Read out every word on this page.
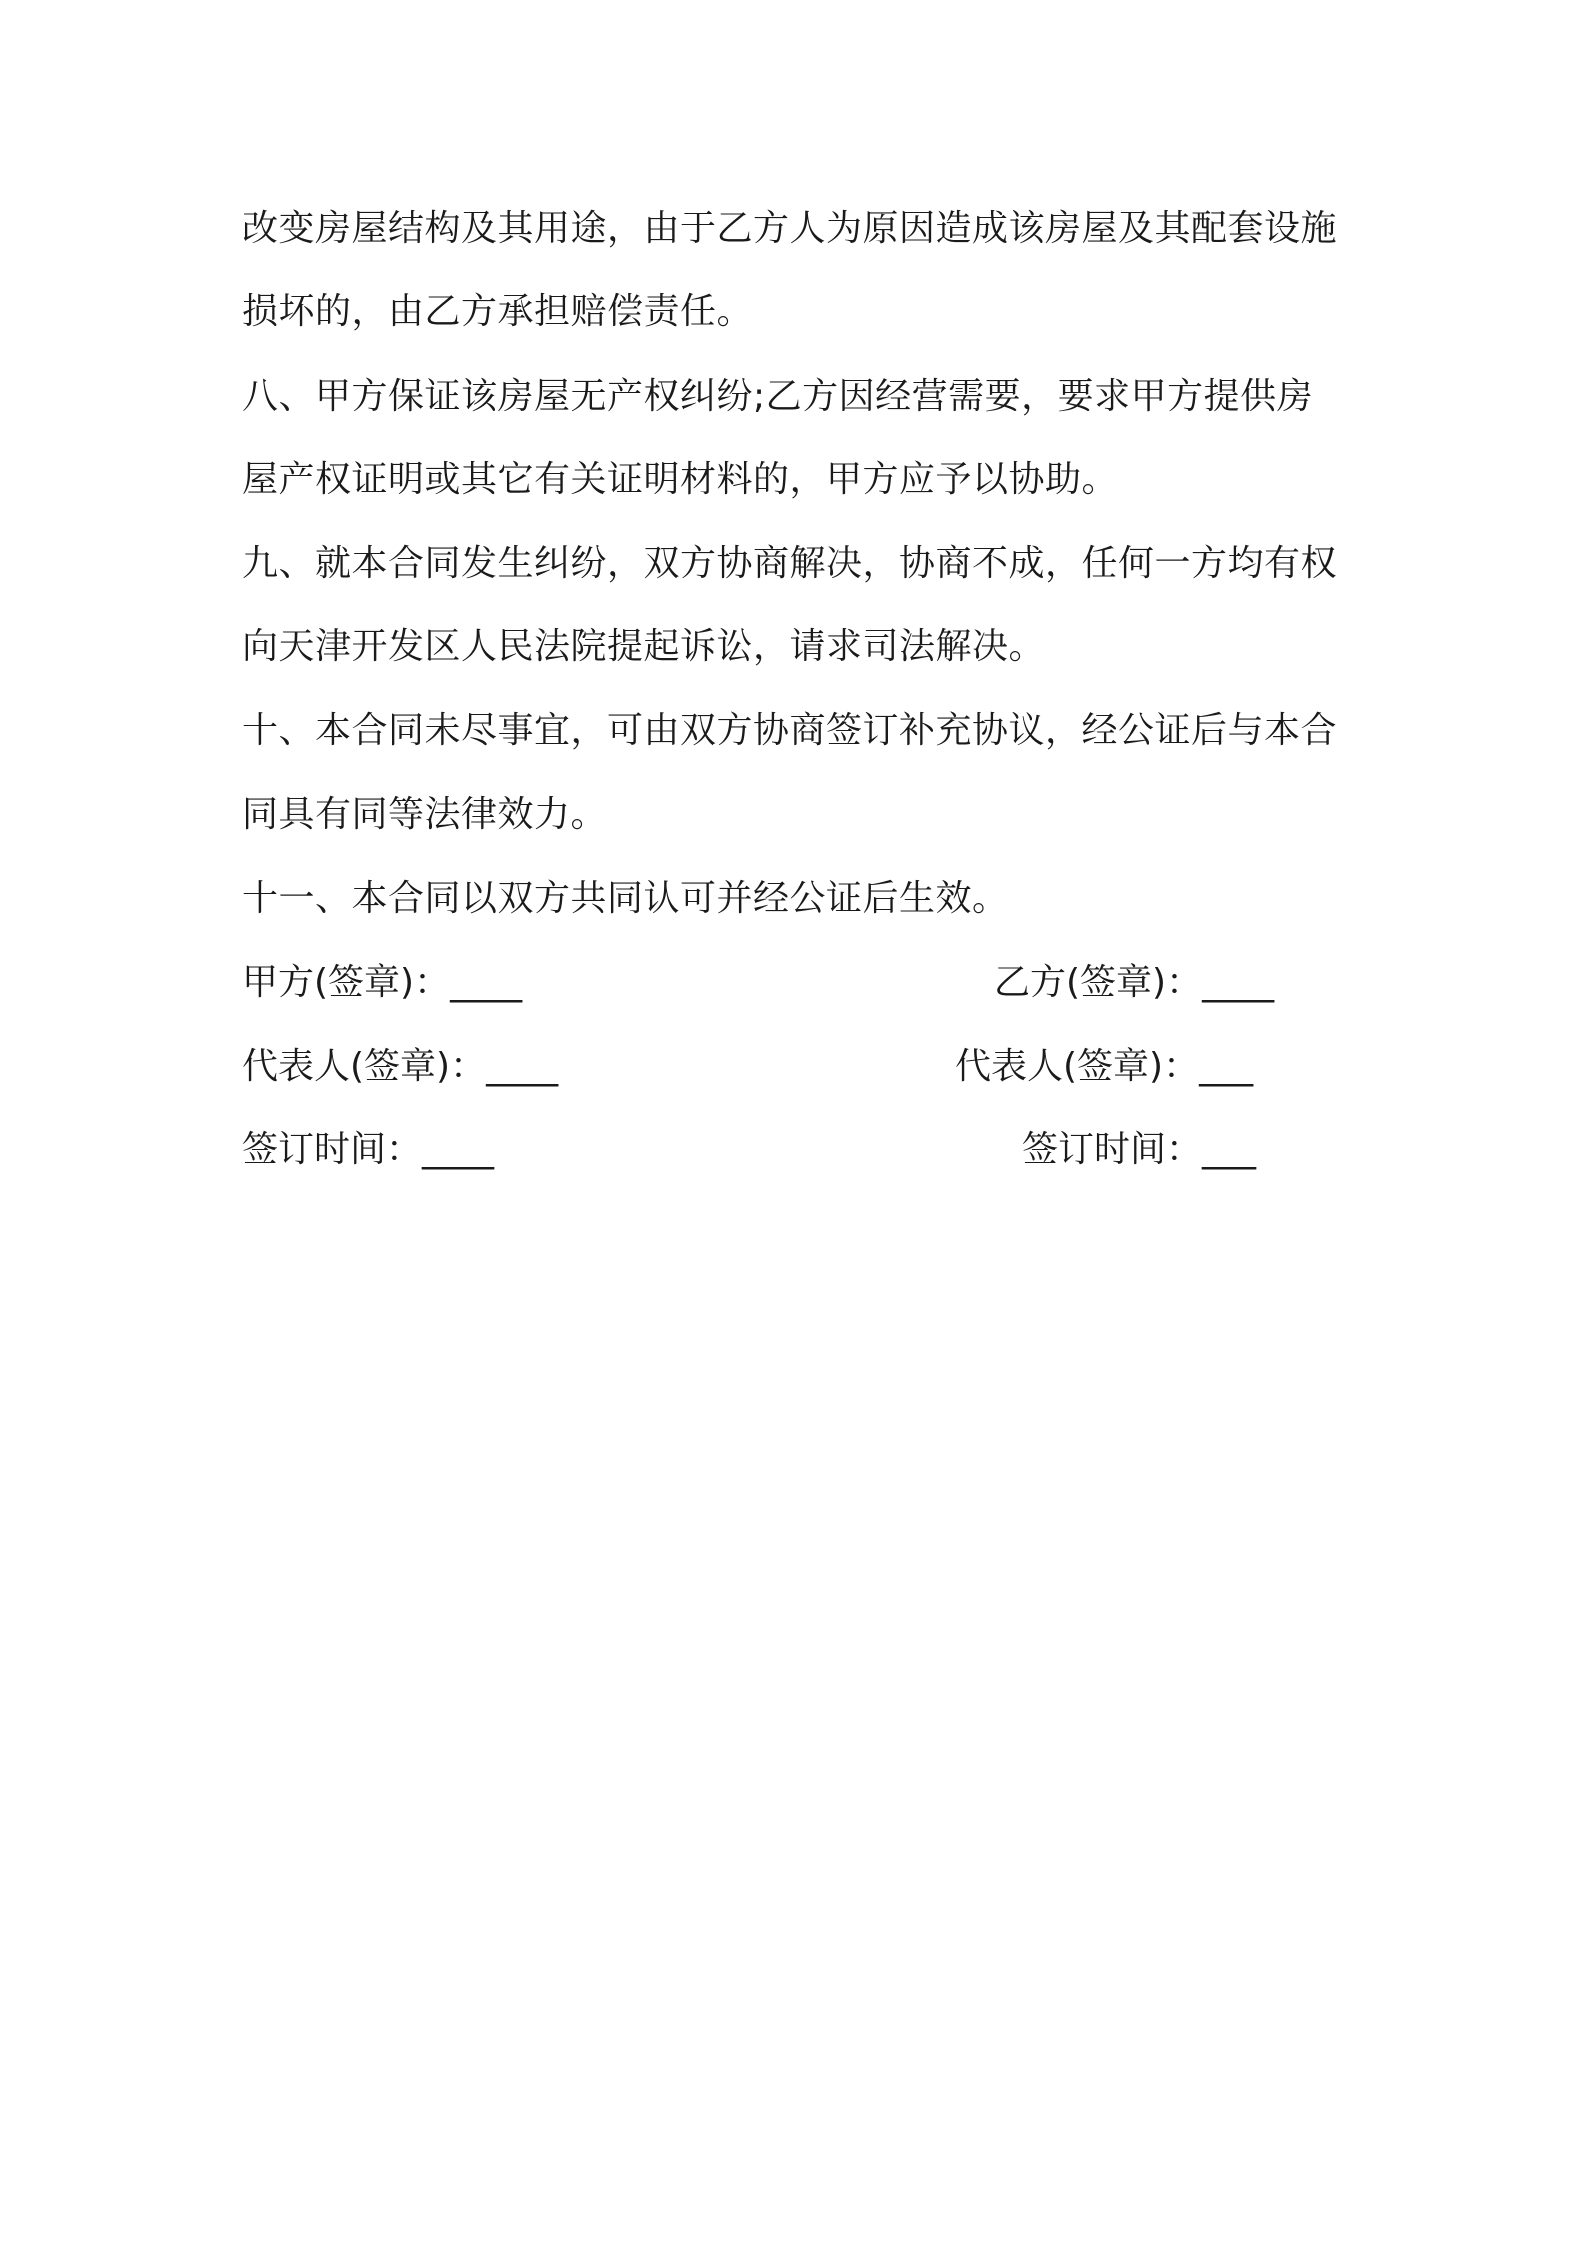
改变房屋结构及其用途，由于乙方人为原因造成该房屋及其配套设施
损坏的，由乙方承担赔偿责任。
八、甲方保证该房屋无产权纠纷;乙方因经营需要，要求甲方提供房
屋产权证明或其它有关证明材料的，甲方应予以协助。
九、就本合同发生纠纷，双方协商解决，协商不成，任何一方均有权
向天津开发区人民法院提起诉讼，请求司法解决。
十、本合同未尽事宜，可由双方协商签订补充协议，经公证后与本合
同具有同等法律效力。
十一、本合同以双方共同认可并经公证后生效。
甲方(签章)：____	乙方(签章)：____
代表人(签章)：____	代表人(签章)：___
签订时间：____	签订时间：___
